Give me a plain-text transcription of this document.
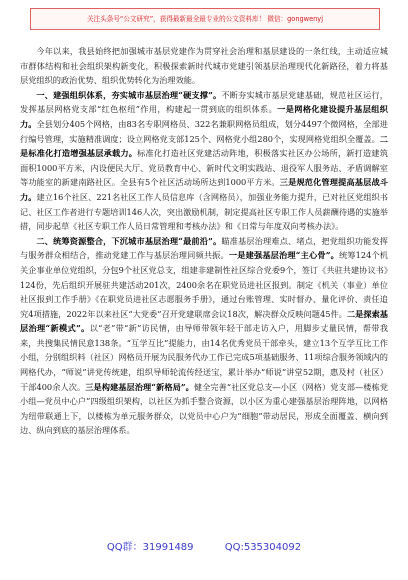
关注头条号“公文研究”，获得最新最全最专业的公文资料库！ 微信：gongwenyj

今年以来，我县始终把加强城市基层党建作为贯穿社会治理和基层建设的一条红线，主动适应城市群体结构和社会组织架构新变化，积极探索新时代城市党建引领基层治理现代化新路径，着力将基层党组织的政治优势、组织优势转化为治理效能。

一、建强组织体系，夯实城市基层治理“硬支撑”。不断夯实城市基层党建基础，规范社区运行，发挥基层网格党支部“红色枢纽”作用，构建起一贯到底的组织体系。一是网格化建设提升基层组织力。全县划分405个网格，由83名专职网格员、322名兼职网格员组成，划分4497个微网格，全部进行编号管理，实施精准调度；设立网格党支部125个、网格党小组280个，实现网格党组织全覆盖。二是标准化打造增强基层承载力。标准化打造社区党建活动阵地，积极落实社区办公场所，新打造建筑面积1000平方米，内设便民大厅、党员教育中心、新时代文明实践站、退役军人服务站、矛盾调解室等功能室的新建南路社区。全县有5个社区活动场所达到1000平方米。三是规范化管理提高基层战斗力。建立16个社区、221名社区工作人员信息库（含网格员），加强业务能力提升，已对社区党组织书记、社区工作者进行专题培训146人次，突出激励机制，制定提高社区专职工作人员薪酬待遇的实施举措，同步起草《社区专职工作人员日常管理和考核办法》和《日常与年度双向考核办法》。

二、统筹资源整合，下沉城市基层治理“最前沿”。瞄准基层治理难点、堵点，把党组织功能发挥与服务群众相结合，推动党建工作与基层治理同频共振。一是建强基层治理“主心骨”。统筹124个机关企事业单位党组织，分包9个社区党总支，组建非建制性社区综合党委9个，签订《共驻共建协议书》124份，先后组织开展驻共建活动201次，2400余名在职党员进社区报到。制定《机关（事业）单位社区报到工作手册》《在职党员进社区志愿服务手册》，通过台账管理、实时督办、量化评价、责任追究4项措施，2022年以来社区“大党委”召开党建联席会议18次，解决群众反映问题45件。二是探索基层治理“新模式”。以“老”带“新”访民情，由导师带领年轻干部走访入户，用脚步丈量民情，帮带我来，共搜集民情民意138条。“互学互比”提能力，由14名优秀党员干部牵头，建立13个互学互比工作小组，分别组织料（社区）网格员开展为民服务代办工作已完成5项基础服务、11项综合服务领域内的网格代办，“师说”讲党传统建，组织导师轮流传经送宝，累计举办“师说”讲堂52期，惠及村（社区）干部400余人次。三是构建基层治理“新格局”。健全完善“社区党总支—小区（网格）党支部—楼栋党小组—党员中心户”四级组织架构，以社区为抓手整合资源，以小区为重心建强基层治理阵地，以网格为纽带联通上下，以楼栋为单元服务群众，以党员中心户为“细胞”带动居民，形成全面覆盖、横向到边、纵向到底的基层治理体系。

QQ群：31991489	QQ:535304092
